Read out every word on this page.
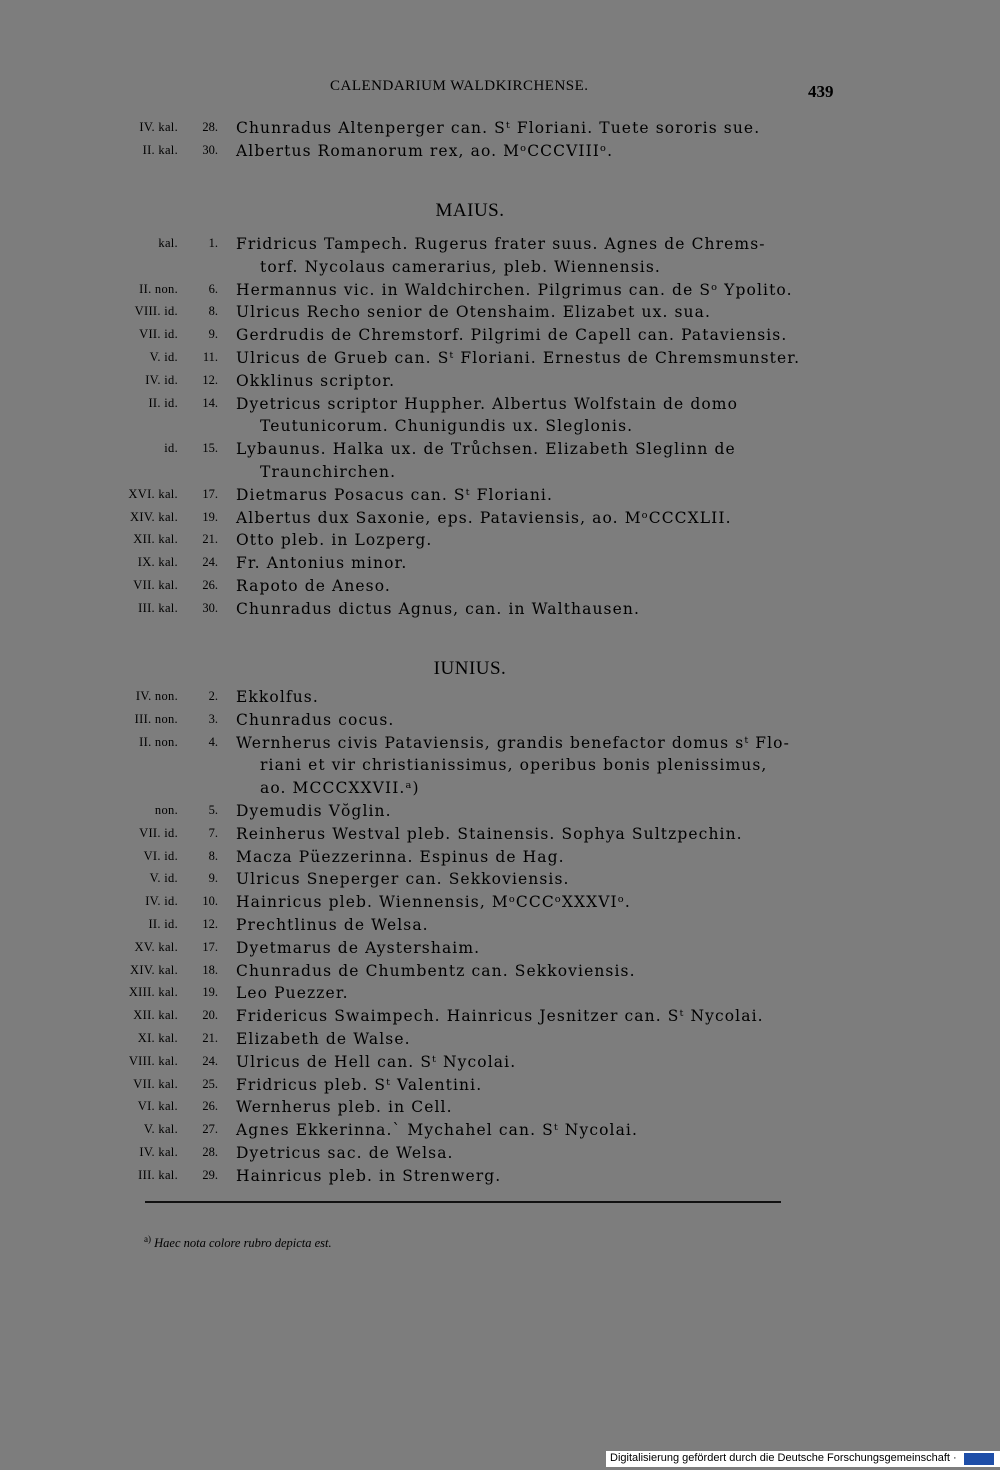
CALENDARIUM WALDKIRCHENSE.	439
IV. kal.	28. Chunradus Altenperger can. Sᵗ Floriani. Tuete sororis sue.
II. kal.	30. Albertus Romanorum rex, ao. MᵒCCCVIIIᵒ.
MAIUS.
kal.	1. Fridricus Tampech. Rugerus frater suus. Agnes de Chrems-
torf. Nycolaus camerarius, pleb. Wiennensis.
II. non.	6. Hermannus vic. in Waldchirchen. Pilgrimus can. de Sᵒ Ypolito.
VIII. id.	8. Ulricus Recho senior de Otenshaim. Elizabet ux. sua.
VII. id.	9. Gerdrudis de Chremstorf. Pilgrimi de Capell can. Pataviensis.
V. id.	11. Ulricus de Grueb can. Sᵗ Floriani. Ernestus de Chremsmunster.
IV. id.	12. Okklinus scriptor.
II. id.	14. Dyetricus scriptor Huppher. Albertus Wolfstain de domo
Teutunicorum. Chunigundis ux. Sleglonis.
id.	15. Lybaunus. Halka ux. de Trůchsen. Elizabeth Sleglinn de
Traunchirchen.
XVI. kal.	17. Dietmarus Posacus can. Sᵗ Floriani.
XIV. kal.	19. Albertus dux Saxonie, eps. Pataviensis, ao. MᵒCCCXLII.
XII. kal.	21. Otto pleb. in Lozperg.
IX. kal.	24. Fr. Antonius minor.
VII. kal.	26. Rapoto de Aneso.
III. kal.	30. Chunradus dictus Agnus, can. in Walthausen.
IUNIUS.
IV. non.	2. Ekkolfus.
III. non.	3. Chunradus cocus.
II. non.	4. Wernherus civis Pataviensis, grandis benefactor domus sᵗ Flo-
riani et vir christianissimus, operibus bonis plenissimus,
ao. MCCCXXVII.ᵃ)
non.	5. Dyemudis Vŏglin.
VII. id.	7. Reinherus Westval pleb. Stainensis. Sophya Sultzpechin.
VI. id.	8. Macza Püezzerinna. Espinus de Hag.
V. id.	9. Ulricus Sneperger can. Sekkoviensis.
IV. id.	10. Hainricus pleb. Wiennensis, MᵒCCCᵒXXXVIᵒ.
II. id.	12. Prechtlinus de Welsa.
XV. kal.	17. Dyetmarus de Aystershaim.
XIV. kal.	18. Chunradus de Chumbentz can. Sekkoviensis.
XIII. kal.	19. Leo Puezzer.
XII. kal.	20. Fridericus Swaimpech. Hainricus Jesnitzer can. Sᵗ Nycolai.
XI. kal.	21. Elizabeth de Walse.
VIII. kal.	24. Ulricus de Hell can. Sᵗ Nycolai.
VII. kal.	25. Fridricus pleb. Sᵗ Valentini.
VI. kal.	26. Wernherus pleb. in Cell.
V. kal.	27. Agnes Ekkerinna.` Mychahel can. Sᵗ Nycolai.
IV. kal.	28. Dyetricus sac. de Welsa.
III. kal.	29. Hainricus pleb. in Strenwerg.
$^{a)}$ Haec nota colore rubro depicta est.
Digitalisierung gefördert durch die Deutsche Forschungsgemeinschaft ·
